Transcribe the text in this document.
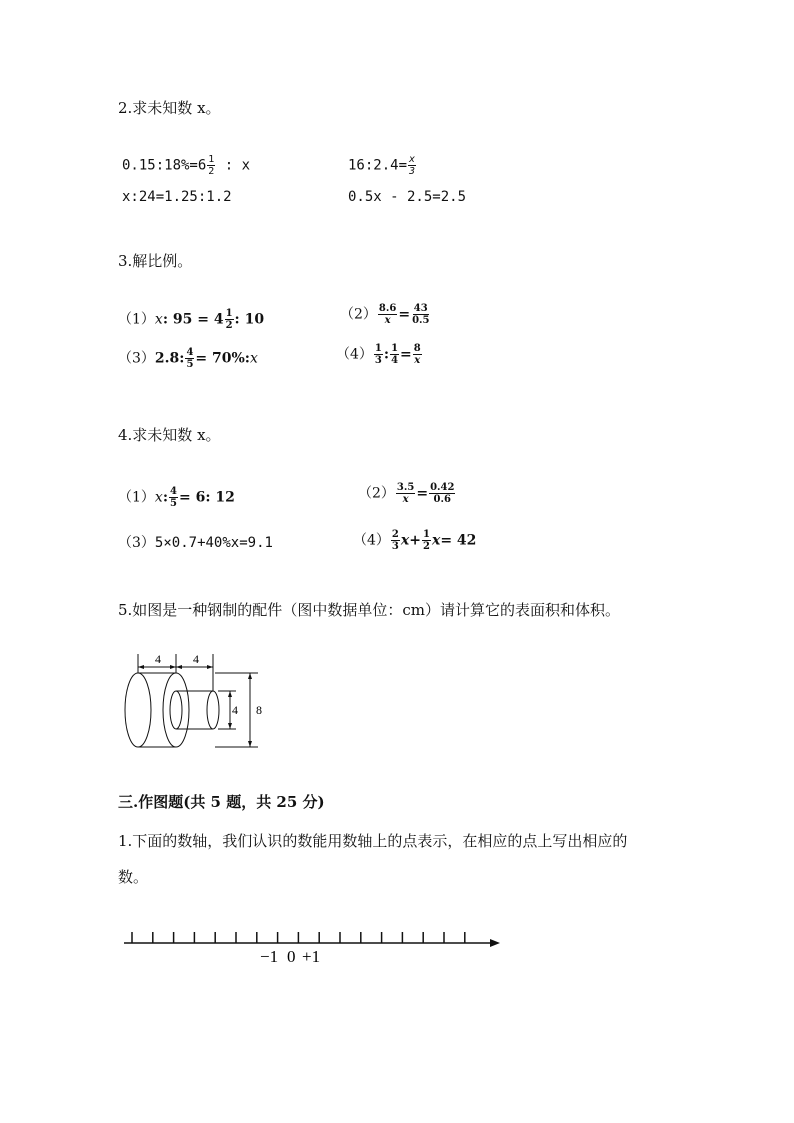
2.求未知数 x。
0.15:18%=6 $\frac{1}{2}$ : x	16:2.4= $\frac{x}{3}$
x:24=1.25:1.2	0.5x - 2.5=2.5
3.解比例。
（1）x: $95 = 4 \frac{1}{2}$ : 10	$(2) \frac{8.6}{x} = \frac{43}{0.5}$
（3）2.8: $\frac{4}{5}$ = 70%:x	$(4) \frac{1}{3}$ : $\frac{1}{4} = \frac{8}{x}$
4.求未知数 x。
（1）x: $\frac{4}{5} = 6$: 12	$(2) \frac{3.5}{x} = \frac{0.42}{0.6}$
（3）5×0.7+40%x=9.1	$(4) \frac{2}{3} x+ \frac{1}{2} x= 42$
5.如图是一种钢制的配件（图中数据单位：cm）请计算它的表面积和体积。
4	4
4 8
三.作图题(共 5 题，共 25 分)
1.下面的数轴，我们认识的数能用数轴上的点表示，在相应的点上写出相应的
数。
−1 0 +1
